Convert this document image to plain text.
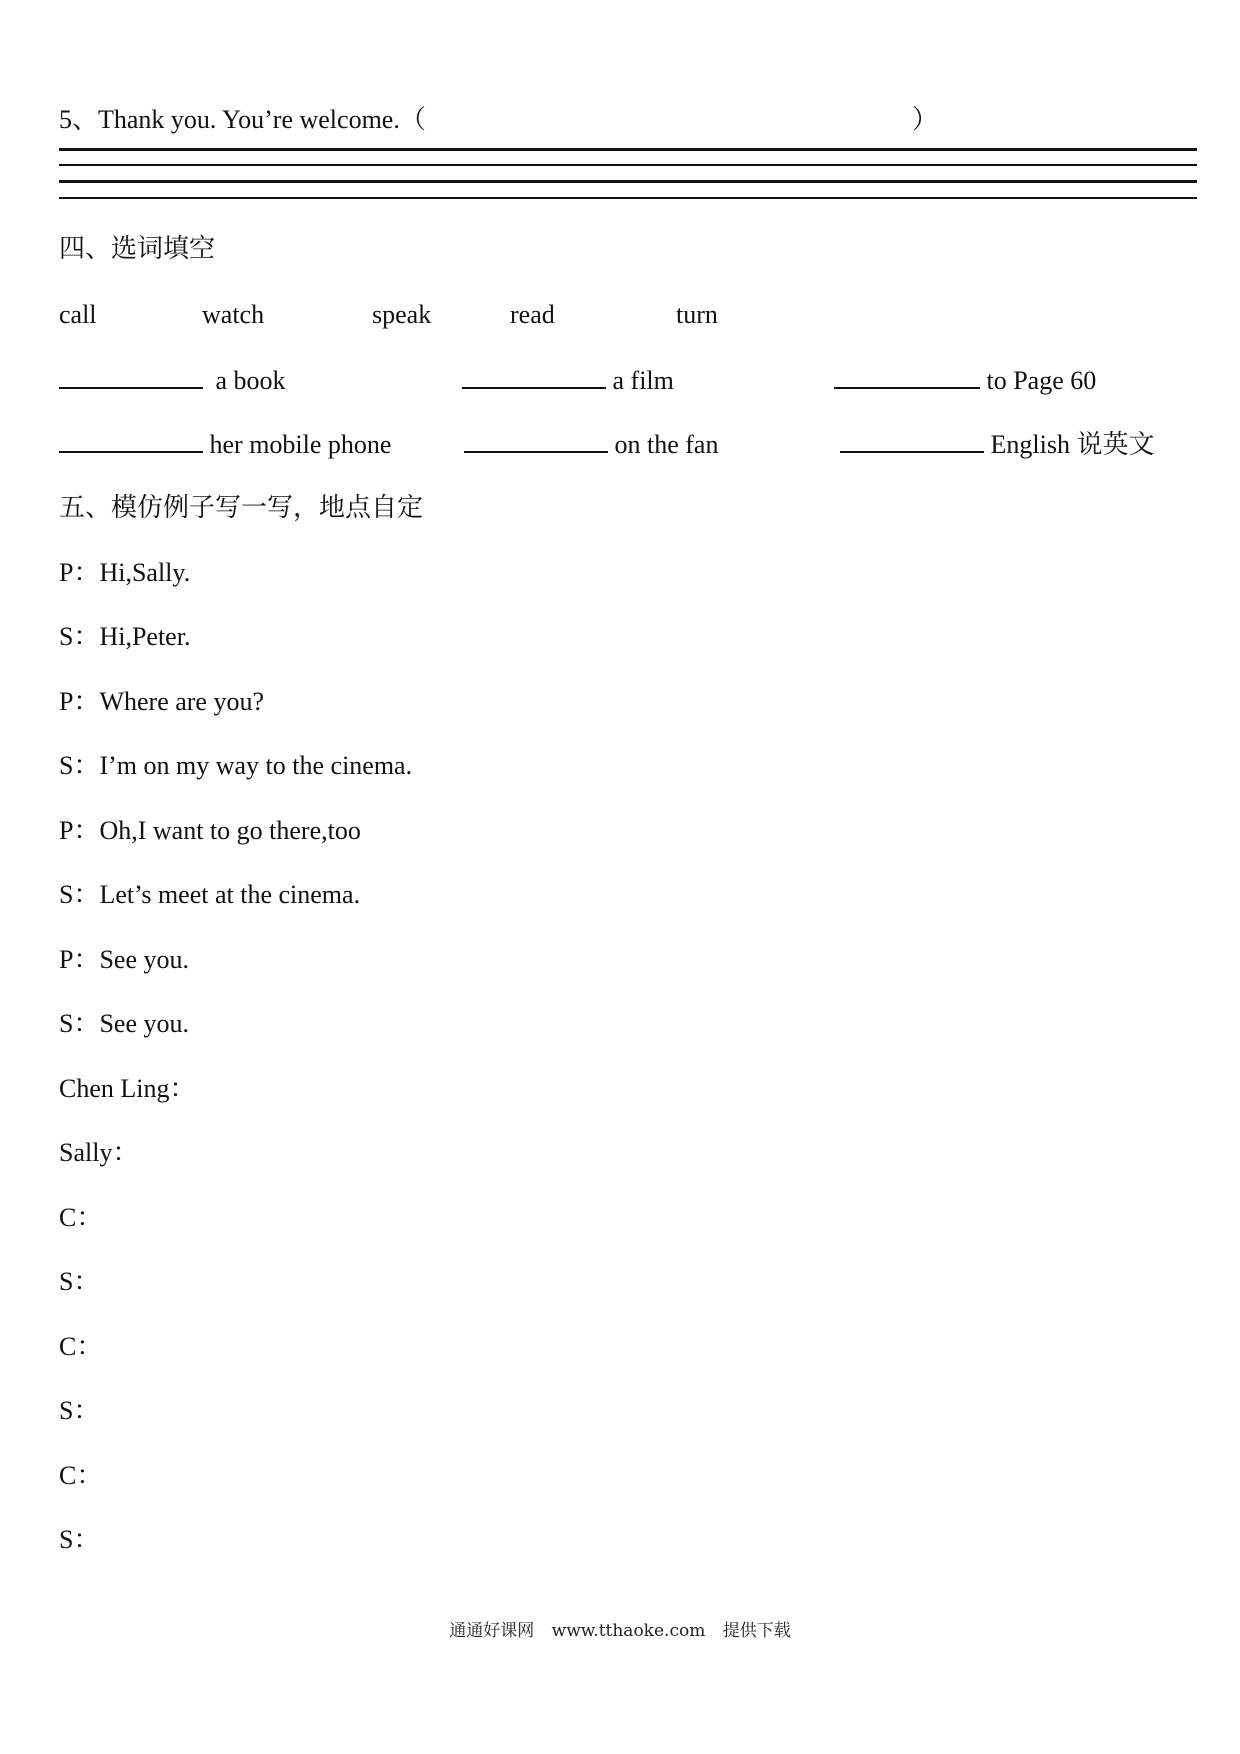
5、Thank you. You’re welcome.（	）
四、选词填空
call	watch	speak	read	turn
a book	a film	to Page 60
her mobile phone	on the fan	English 说英文
五、模仿例子写一写，地点自定
P：Hi,Sally.
S：Hi,Peter.
P：Where are you?
S：I’m on my way to the cinema.
P：Oh,I want to go there,too
S：Let’s meet at the cinema.
P：See you.
S：See you.
Chen Ling：
Sally：
C：
S：
C：
S：
C：
S：
通通好课网 www.tthaoke.com 提供下载
